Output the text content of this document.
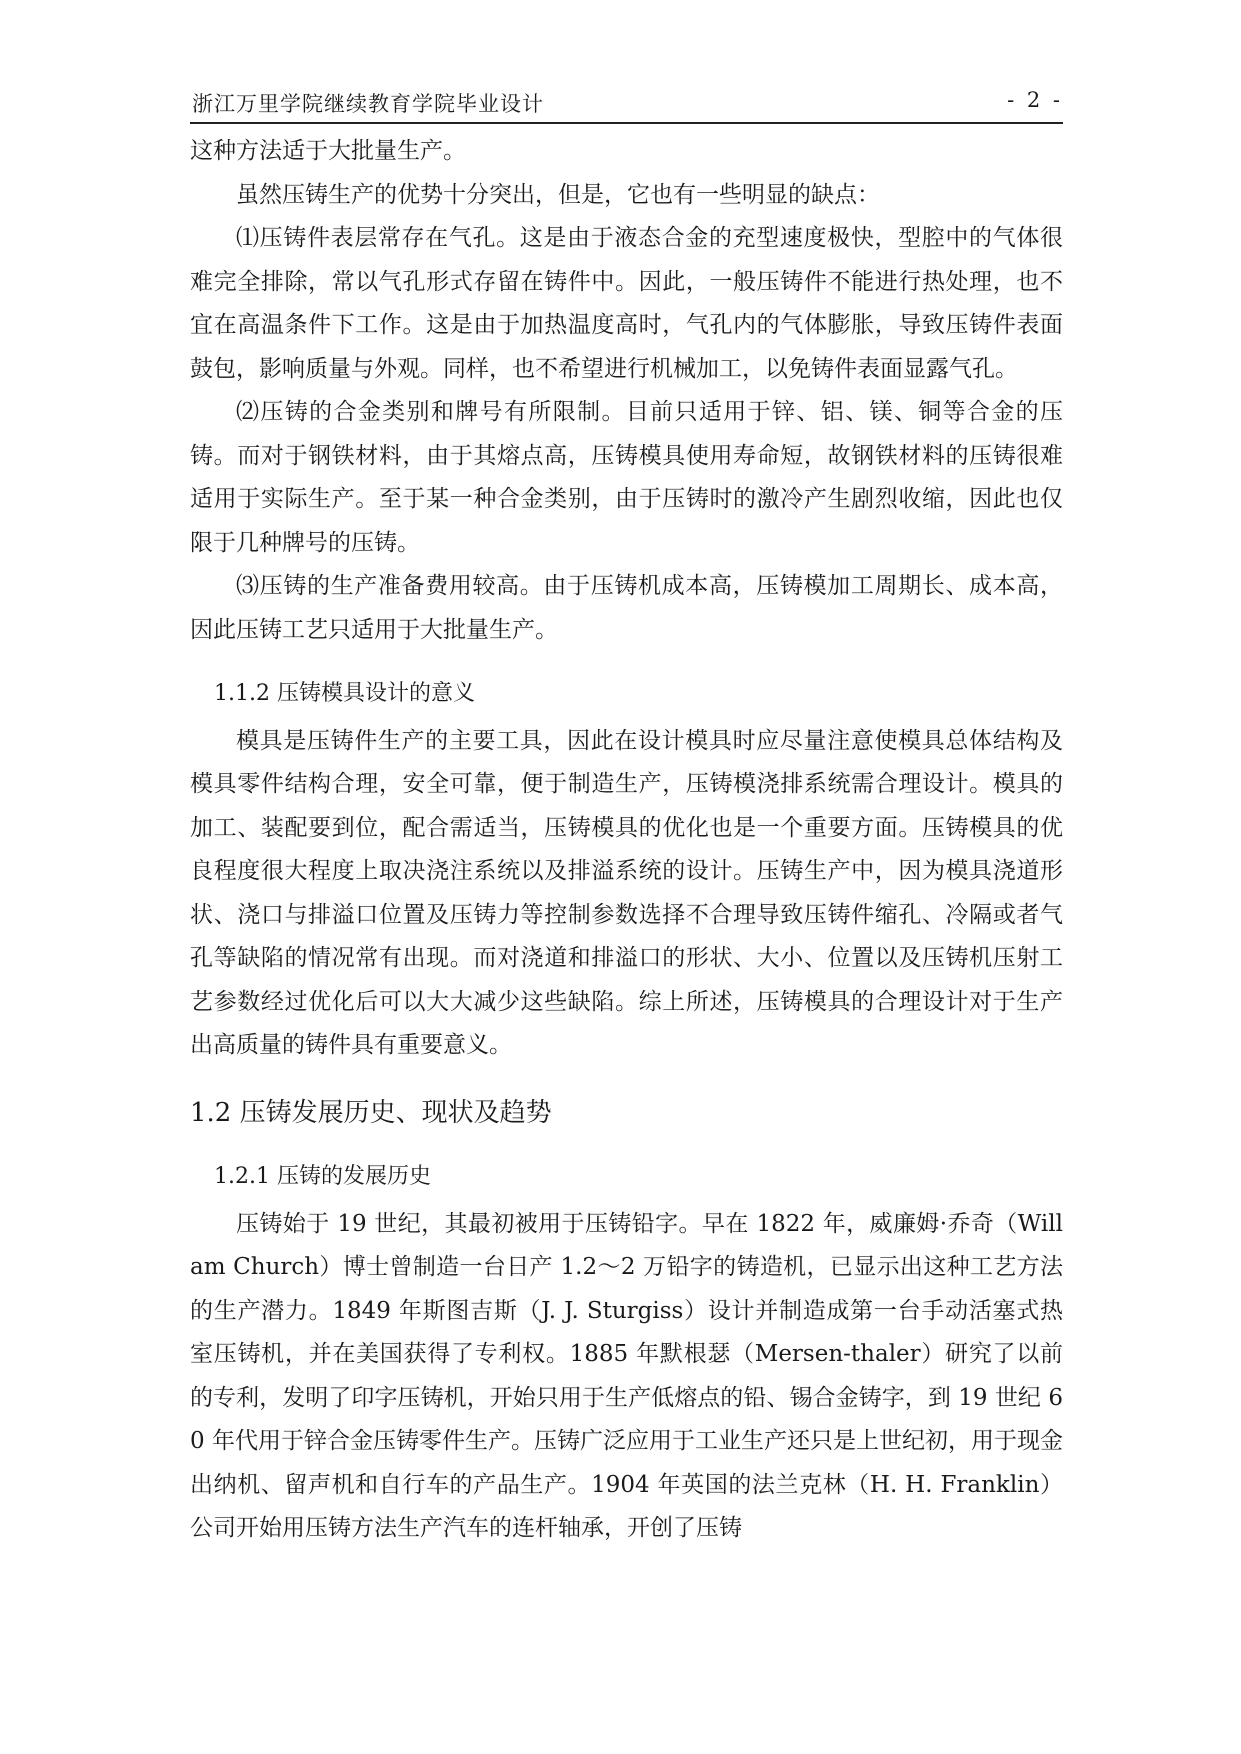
浙江万里学院继续教育学院毕业设计	- 2 -

这种方法适于大批量生产。

虽然压铸生产的优势十分突出，但是，它也有一些明显的缺点：

⑴压铸件表层常存在气孔。这是由于液态合金的充型速度极快，型腔中的气体很难完全排除，常以气孔形式存留在铸件中。因此，一般压铸件不能进行热处理，也不宜在高温条件下工作。这是由于加热温度高时，气孔内的气体膨胀，导致压铸件表面鼓包，影响质量与外观。同样，也不希望进行机械加工，以免铸件表面显露气孔。

⑵压铸的合金类别和牌号有所限制。目前只适用于锌、铝、镁、铜等合金的压铸。而对于钢铁材料，由于其熔点高，压铸模具使用寿命短，故钢铁材料的压铸很难适用于实际生产。至于某一种合金类别，由于压铸时的激冷产生剧烈收缩，因此也仅限于几种牌号的压铸。

⑶压铸的生产准备费用较高。由于压铸机成本高，压铸模加工周期长、成本高，因此压铸工艺只适用于大批量生产。

1.1.2 压铸模具设计的意义

模具是压铸件生产的主要工具，因此在设计模具时应尽量注意使模具总体结构及模具零件结构合理，安全可靠，便于制造生产，压铸模浇排系统需合理设计。模具的加工、装配要到位，配合需适当，压铸模具的优化也是一个重要方面。压铸模具的优良程度很大程度上取决浇注系统以及排溢系统的设计。压铸生产中，因为模具浇道形状、浇口与排溢口位置及压铸力等控制参数选择不合理导致压铸件缩孔、冷隔或者气孔等缺陷的情况常有出现。而对浇道和排溢口的形状、大小、位置以及压铸机压射工艺参数经过优化后可以大大减少这些缺陷。综上所述，压铸模具的合理设计对于生产出高质量的铸件具有重要意义。

1.2 压铸发展历史、现状及趋势
1.2.1 压铸的发展历史

压铸始于 19 世纪，其最初被用于压铸铅字。早在 1822 年，威廉姆·乔奇（Willam Church）博士曾制造一台日产 1.2～2 万铅字的铸造机，已显示出这种工艺方法的生产潜力。1849 年斯图吉斯（J. J. Sturgiss）设计并制造成第一台手动活塞式热室压铸机，并在美国获得了专利权。1885 年默根瑟（Mersen-thaler）研究了以前的专利，发明了印字压铸机，开始只用于生产低熔点的铅、锡合金铸字，到 19 世纪 60 年代用于锌合金压铸零件生产。压铸广泛应用于工业生产还只是上世纪初，用于现金出纳机、留声机和自行车的产品生产。1904 年英国的法兰克林（H. H. Franklin）公司开始用压铸方法生产汽车的连杆轴承，开创了压铸
